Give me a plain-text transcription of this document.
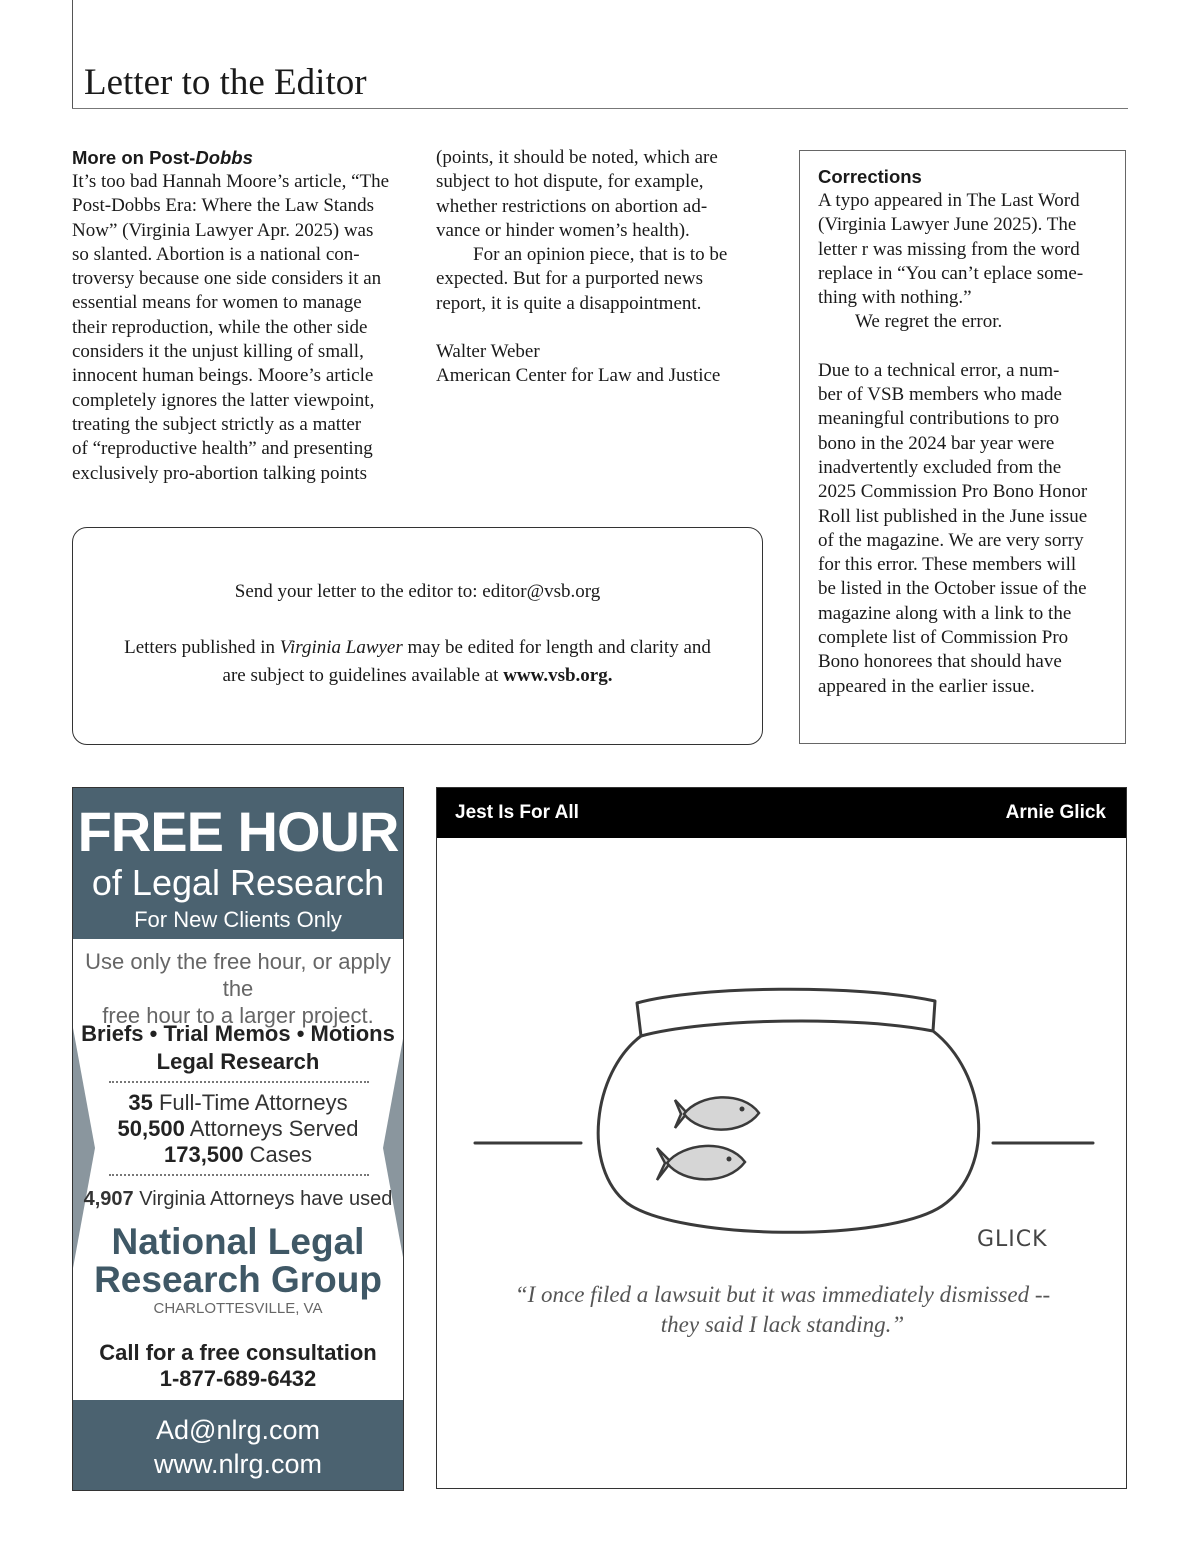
Letter to the Editor

More on Post-Dobbs

It’s too bad Hannah Moore’s article, “The

Post-Dobbs Era: Where the Law Stands

Now” (Virginia Lawyer Apr. 2025) was

so slanted. Abortion is a national con-

troversy because one side considers it an

essential means for women to manage

their reproduction, while the other side

considers it the unjust killing of small,

innocent human beings. Moore’s article

completely ignores the latter viewpoint,

treating the subject strictly as a matter

of “reproductive health” and presenting

exclusively pro-abortion talking points

(points, it should be noted, which are

subject to hot dispute, for example,

whether restrictions on abortion ad-

vance or hinder women’s health).

For an opinion piece, that is to be

expected. But for a purported news

report, it is quite a disappointment.

Walter Weber

American Center for Law and Justice

Corrections

A typo appeared in The Last Word

(Virginia Lawyer June 2025). The

letter r was missing from the word

replace in “You can’t eplace some-

thing with nothing.”

We regret the error.

Due to a technical error, a num-

ber of VSB members who made

meaningful contributions to pro

bono in the 2024 bar year were

inadvertently excluded from the

2025 Commission Pro Bono Honor

Roll list published in the June issue

of the magazine. We are very sorry

for this error. These members will

be listed in the October issue of the

magazine along with a link to the

complete list of Commission Pro

Bono honorees that should have

appeared in the earlier issue.

Send your letter to the editor to: editor@vsb.org

Letters published in Virginia Lawyer may be edited for length and clarity and
are subject to guidelines available at www.vsb.org.

FREE HOUR
of Legal Research
For New Clients Only
Use only the free hour, or apply the
free hour to a larger project.
Briefs • Trial Memos • Motions
Legal Research
35 Full-Time Attorneys
50,500 Attorneys Served
173,500 Cases
4,907 Virginia Attorneys have used
National Legal
Research Group
CHARLOTTESVILLE, VA
Call for a free consultation
1-877-689-6432
Ad@nlrg.com
www.nlrg.com
Jest Is For All	Arnie Glick
GLICK
“I once filed a lawsuit but it was immediately dismissed --
they said I lack standing.”
